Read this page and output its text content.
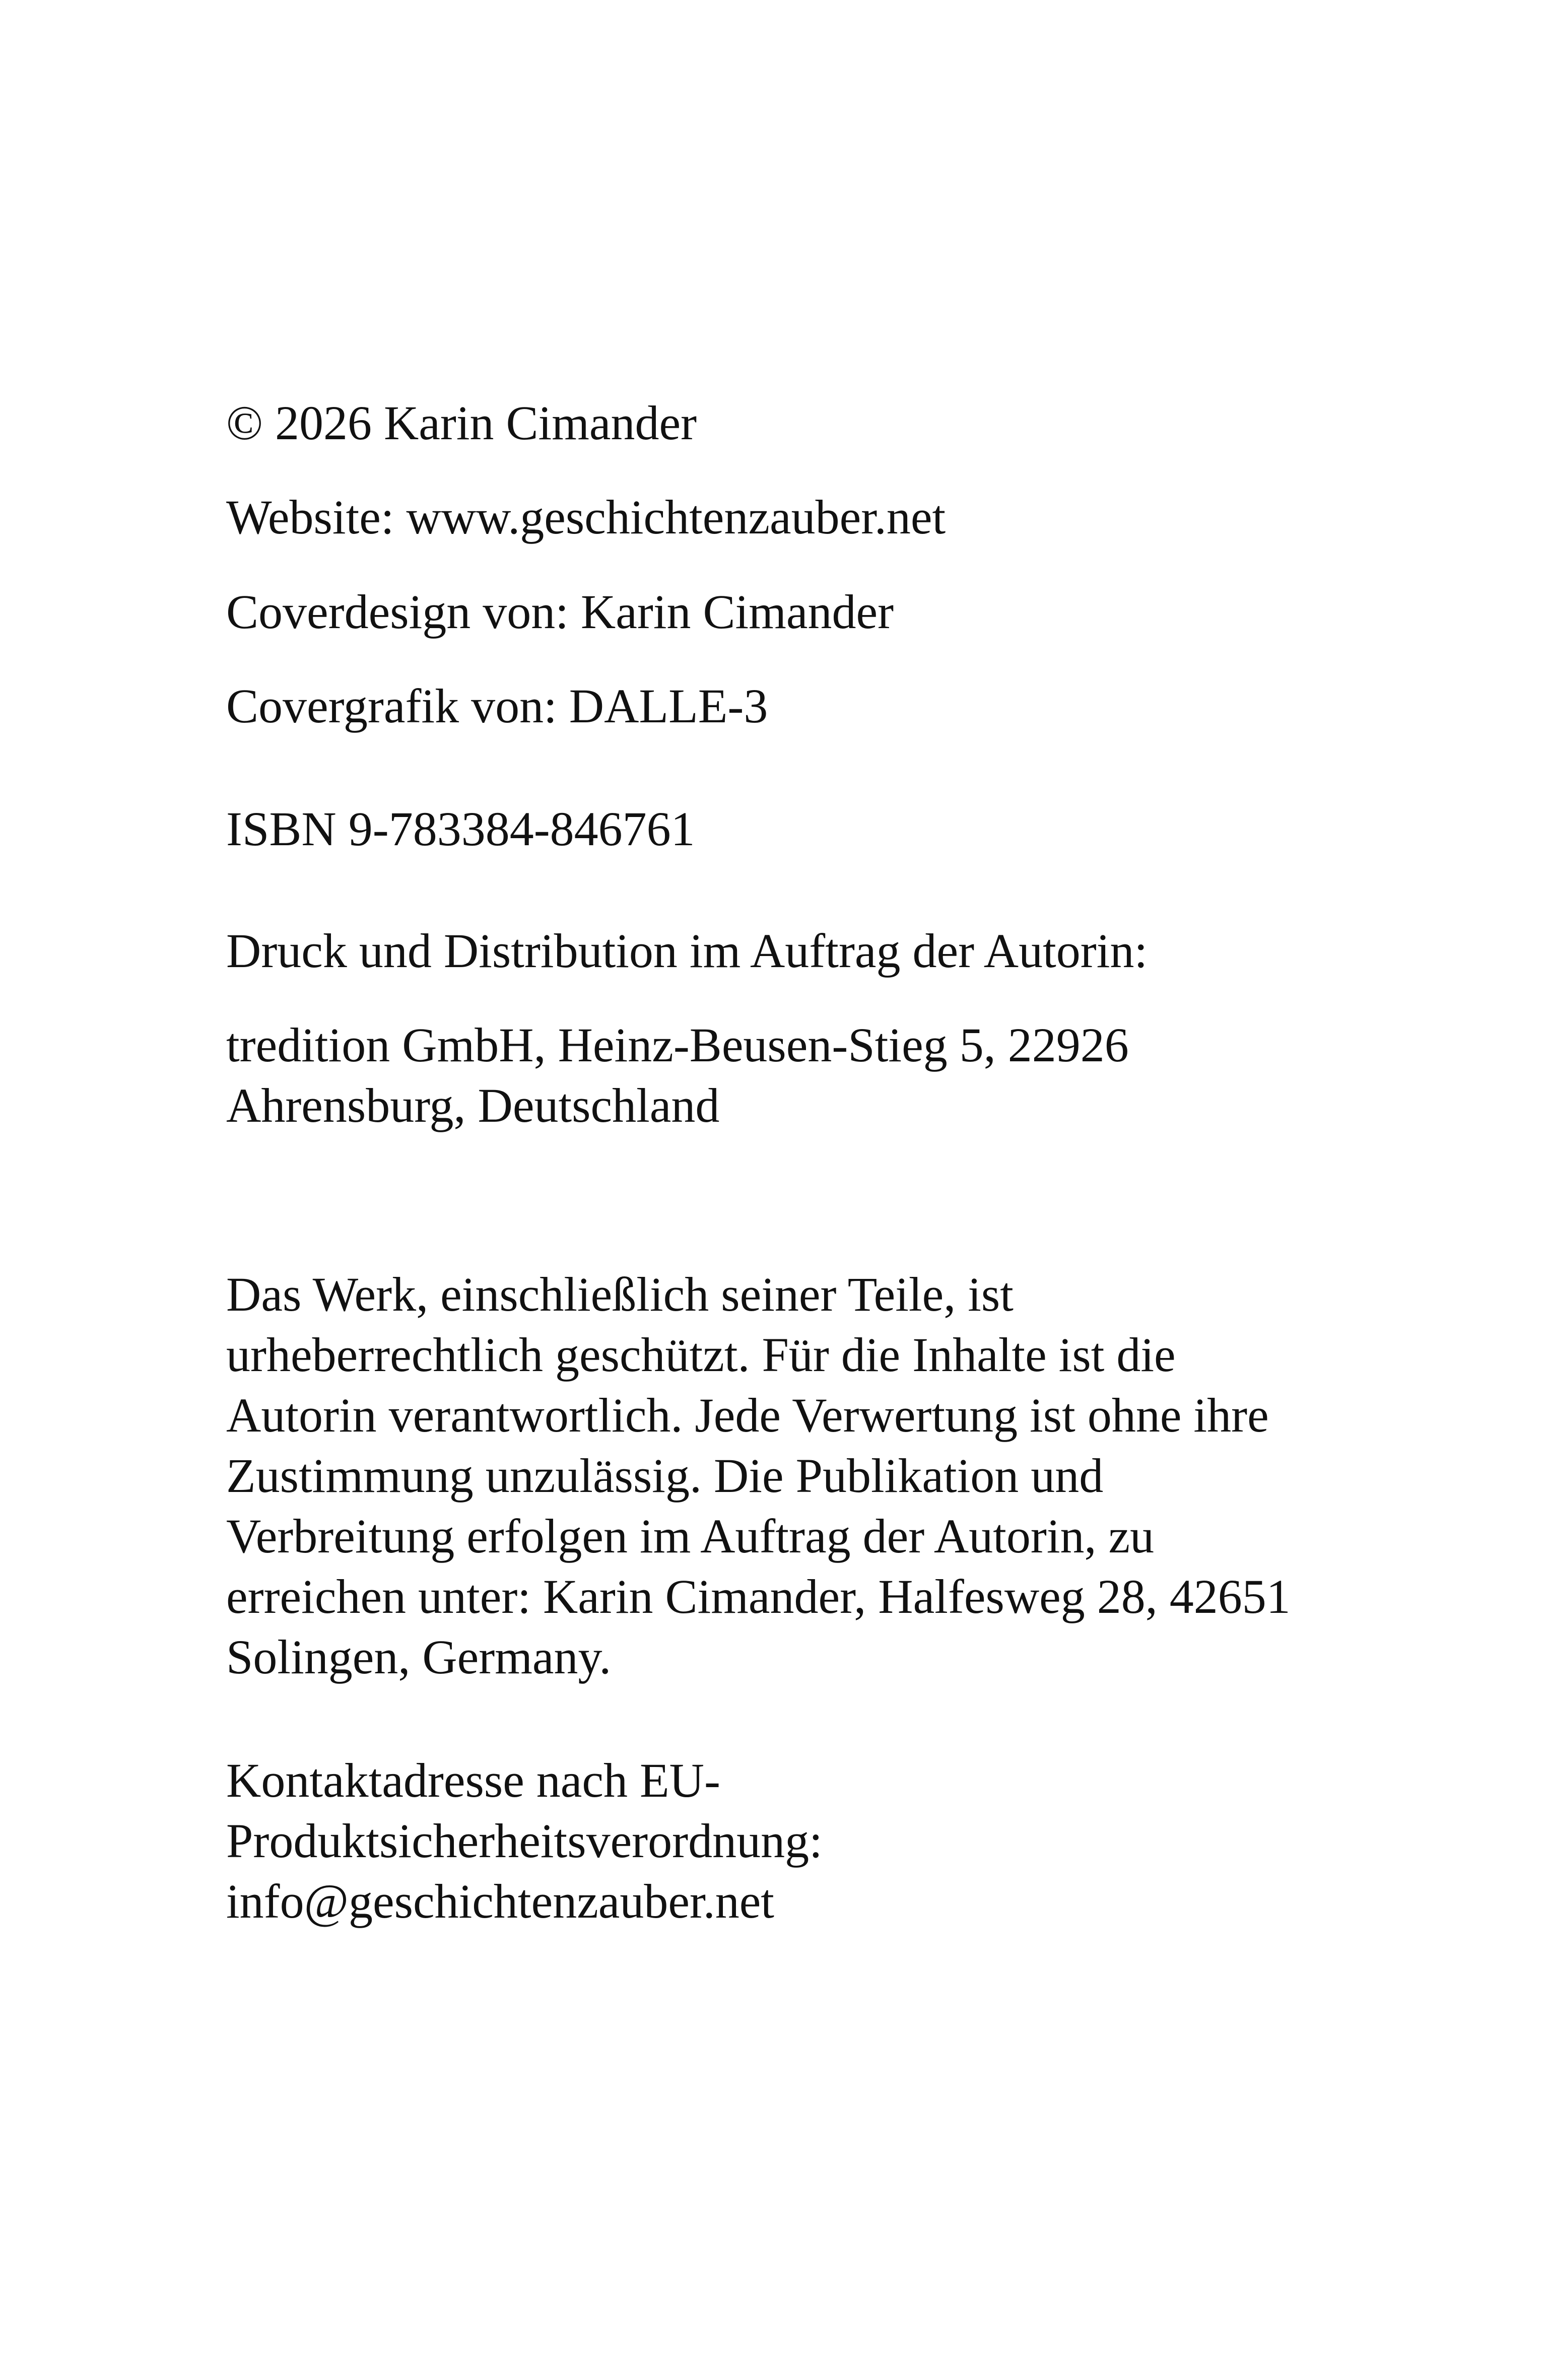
© 2026 Karin Cimander

Website: www.geschichtenzauber.net

Coverdesign von: Karin Cimander

Covergrafik von: DALLE-3

ISBN 9-783384-846761

Druck und Distribution im Auftrag der Autorin:

tredition GmbH, Heinz-Beusen-Stieg 5, 22926
Ahrensburg, Deutschland
Das Werk, einschließlich seiner Teile, ist
urheberrechtlich geschützt. Für die Inhalte ist die
Autorin verantwortlich. Jede Verwertung ist ohne ihre
Zustimmung unzulässig. Die Publikation und
Verbreitung erfolgen im Auftrag der Autorin, zu
erreichen unter: Karin Cimander, Halfesweg 28, 42651
Solingen, Germany.
Kontaktadresse nach EU-
Produktsicherheitsverordnung:
info@geschichtenzauber.net
